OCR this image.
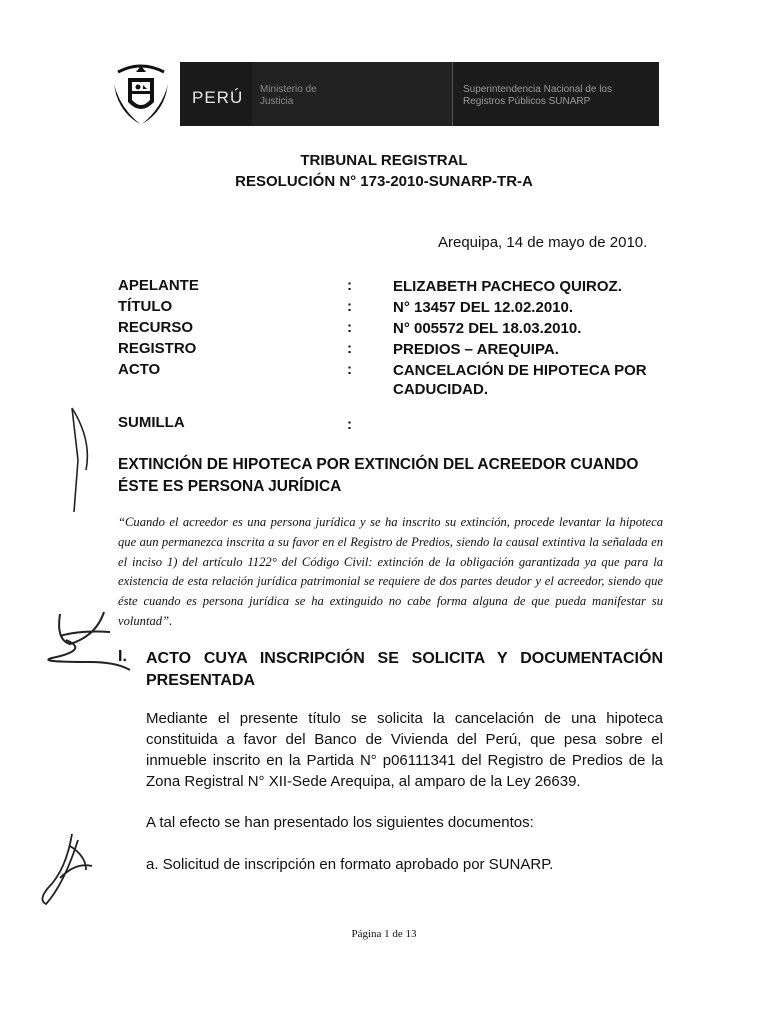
PERÚ Ministerio de Justicia
Superintendencia Nacional de los Registros Públicos SUNARP
TRIBUNAL REGISTRAL
RESOLUCIÓN N° 173-2010-SUNARP-TR-A
Arequipa, 14 de mayo de 2010.
APELANTE	:	ELIZABETH PACHECO QUIROZ.
TÍTULO	:	N° 13457 DEL 12.02.2010.
RECURSO	:	N° 005572 DEL 18.03.2010.
REGISTRO	:	PREDIOS – AREQUIPA.
ACTO	:	CANCELACIÓN DE HIPOTECA POR CADUCIDAD.
SUMILLA	:
EXTINCIÓN DE HIPOTECA POR EXTINCIÓN DEL ACREEDOR CUANDO ÉSTE ES PERSONA JURÍDICA
“Cuando el acreedor es una persona jurídica y se ha inscrito su extinción, procede levantar la hipoteca que aun permanezca inscrita a su favor en el Registro de Predios, siendo la causal extintiva la señalada en el inciso 1) del artículo 1122° del Código Civil: extinción de la obligación garantizada ya que para la existencia de esta relación jurídica patrimonial se requiere de dos partes deudor y el acreedor, siendo que éste cuando es persona jurídica se ha extinguido no cabe forma alguna de que pueda manifestar su voluntad”.
I. ACTO CUYA INSCRIPCIÓN SE SOLICITA Y DOCUMENTACIÓN PRESENTADA
Mediante el presente título se solicita la cancelación de una hipoteca constituida a favor del Banco de Vivienda del Perú, que pesa sobre el inmueble inscrito en la Partida N° p06111341 del Registro de Predios de la Zona Registral N° XII-Sede Arequipa, al amparo de la Ley 26639.
A tal efecto se han presentado los siguientes documentos:
a. Solicitud de inscripción en formato aprobado por SUNARP.
Página 1 de 13
